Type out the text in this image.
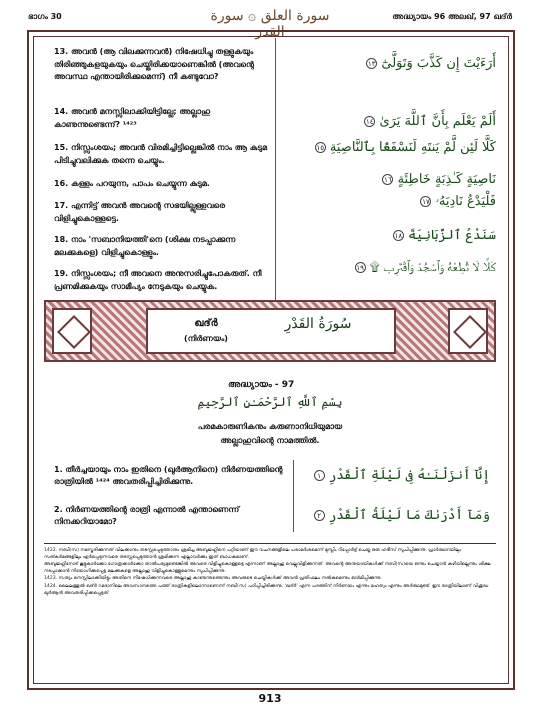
ഭാഗം 30	سورة العلق ۞ سورة القدر
അദ്ധ്യായം 96 അലഖ്, 97 ഖദ്ർ

13. അവൻ (ആ വിലക്കുന്നവൻ) നിഷേധിച്ചു തള്ളുകയും തിരിഞ്ഞുകളയുകയും ചെയ്തിരിക്കയാണെങ്കിൽ (അവന്റെ അവസ്ഥ എന്തായിരിക്കുമെന്ന്) നീ കണ്ടുവോ?

14. അവൻ മനസ്സിലാക്കിയിട്ടില്ലേ; അല്ലാഹു കാണുന്നുണ്ടെന്ന്? ¹⁴²³

15. നിസ്സംശയം; അവൻ വിരമിച്ചിട്ടില്ലെങ്കിൽ നാം ആ കുടുമ പിടിച്ചുവലിക്കുക തന്നെ ചെയ്യും.

16. കള്ളം പറയുന്ന, പാപം ചെയ്യുന്ന കുടുമ.

17. എന്നിട്ട് അവൻ അവന്റെ സഭയില്ലുള്ളവരെ വിളിച്ചുകൊള്ളട്ടെ.

18. നാം 'സബാനിയത്തി'നെ (ശിക്ഷ നടപ്പാക്കുന്ന മലക്കുകളെ) വിളിച്ചുകൊള്ളും.

19. നിസ്സംശയം; നീ അവനെ അനുസരിച്ചുപോകരുത്. നീ പ്രണമിക്കുകയും സാമീപ്യം നേടുകയും ചെയ്യുക.

أَرَءَيْتَ إِن كَذَّبَ وَتَوَلَّىٰٓ ١٣
أَلَمْ يَعْلَم بِأَنَّ ٱللَّهَ يَرَىٰ ١٤
كَلَّا لَئِن لَّمْ يَنتَهِ لَنَسْفَعًۢا بِٱلنَّاصِيَةِ ١٥
نَاصِيَةٍ كَـٰذِبَةٍ خَاطِئَةٍ ١٦
فَلْيَدْعُ نَادِيَهُۥ ١٧
سَنَدْعُ ٱلزَّبَانِيَةَ ١٨
كَلَّا لَا تُطِعْهُ وَٱسْجُدْ وَٱقْتَرِب ۩ ١٩
ഖദ്ർ
(നിർണയം)
سُورَةُ القَدْرِ
അദ്ധ്യായം - 97
بِسْمِ ٱللَّهِ ٱلرَّحْمَـٰنِ ٱلرَّحِيمِ
പരമകാരുണികനും കരുണാനിധിയുമായ
അല്ലാഹുവിന്റെ നാമത്തിൽ.

1. തീർച്ചയായും നാം ഇതിനെ (ഖുർആനിനെ) നിർണയത്തിന്റെ രാത്രിയിൽ ¹⁴²⁴ അവതരിപ്പിച്ചിരിക്കുന്നു.

2. നിർണയത്തിന്റെ രാത്രി എന്നാൽ എന്താണെന്ന് നിനക്കറിയാമോ?

إِنَّآ أَنزَلْنَـٰهُ فِى لَيْلَةِ ٱلْقَدْرِ ١
وَمَآ أَدْرَىٰكَ مَا لَيْلَةُ ٱلْقَدْرِ ٢

1422. നബി(സ) നമസ്കരിക്കുന്നത് വിലക്കാനും തടസ്സപ്പെടുത്താനും ശ്രമിച്ച അബൂജഹ്ലിനെ പറ്റിയാണ് ഈ വചനങ്ങളിലെ പരാമർശമെന്ന് മുസ്ലിം റിപ്പോർട്ട് ചെയ്ത ഒരു ഹദീസ് സൂചിപ്പിക്കുന്നു. പ്രാർത്ഥനയിലും സത്കർമങ്ങളിലും ഏർപ്പെടുന്നവരെ തടസ്സപ്പെടുത്താൻ ശ്രമിക്കുന്ന എല്ലാവർക്കും ഇത് ബാധകമാണ്.

അബൂജഹ്ലിനോട് കൂട്ടുകാർക്കോ ഗോത്രക്കാർക്കോ താൽപര്യമുണ്ടെങ്കിൽ അവരെ വിളിച്ചുകൊള്ളട്ടെ എന്നാണ് അല്ലാഹു വെല്ലുവിളിക്കുന്നത്. അവന്റെ അനുയായികൾക്ക് നബി(സ)യെ ഒന്നും ചെയ്യാൻ കഴിയില്ലെന്നും ശിക്ഷ നടപ്പാക്കാൻ നിയോഗിക്കപ്പെട്ട മലക്കുകളെ അല്ലാഹു വിളിച്ചുകൊള്ളുമെന്നും സൂചിപ്പിക്കുന്നു.

1423. സത്യം മനസ്സിലാക്കിയിട്ടും അതിനെ നിഷേധിക്കുന്നവരെ അല്ലാഹു കാണുന്നുണ്ടെന്നും അവരുടെ ചെയ്തികൾക്ക് അവൻ പ്രതിഫലം നൽകുമെന്നും ഓർമിപ്പിക്കുന്നു.

1424. ലൈലത്തുൽ ഖദ്ർ റമദാനിലെ അവസാനത്തെ പത്ത് രാത്രികളിലൊന്നാണെന്ന് നബി(സ) പഠിപ്പിച്ചിരിക്കുന്നു. 'ഖദ്ർ' എന്ന പദത്തിന് നിർണയം എന്നും മഹത്വം എന്നും അർത്ഥമുണ്ട്. ഈ രാത്രിയിലാണ് വിശുദ്ധ ഖുർആൻ അവതരിപ്പിക്കപ്പെട്ടത്.

913
